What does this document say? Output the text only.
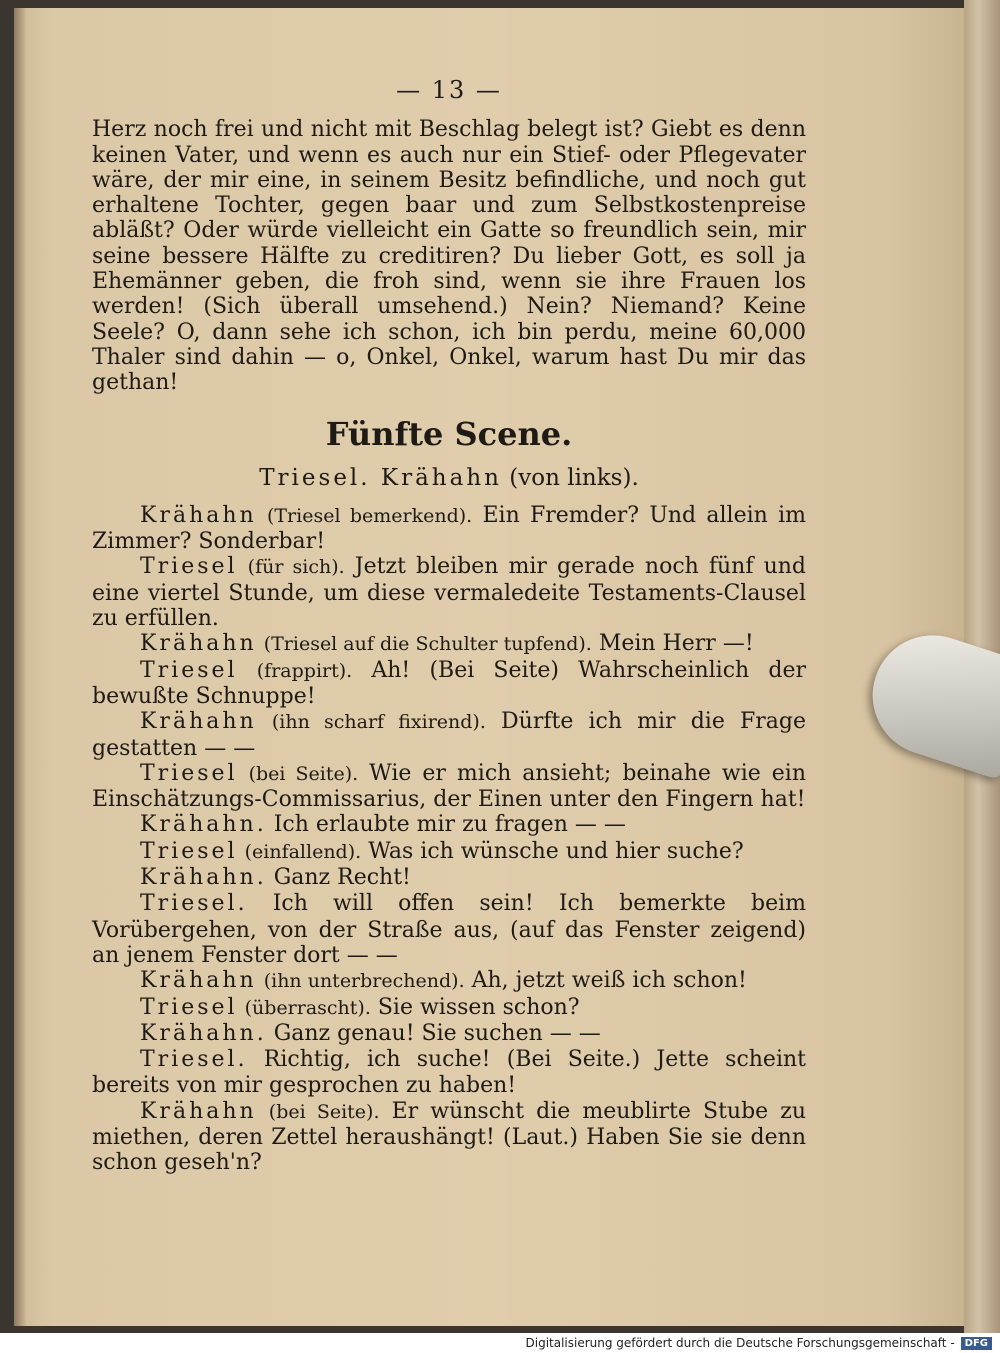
— 13 —

Herz noch frei und nicht mit Beschlag belegt ist? Giebt es denn keinen Vater, und wenn es auch nur ein Stief- oder Pflegevater wäre, der mir eine, in seinem Besitz befindliche, und noch gut erhaltene Tochter, gegen baar und zum Selbstkostenpreise abläßt? Oder würde vielleicht ein Gatte so freundlich sein, mir seine bessere Hälfte zu creditiren? Du lieber Gott, es soll ja Ehemänner geben, die froh sind, wenn sie ihre Frauen los werden! (Sich überall umsehend.) Nein? Niemand? Keine Seele? O, dann sehe ich schon, ich bin perdu, meine 60,000 Thaler sind dahin — o, Onkel, Onkel, warum hast Du mir das gethan!

Fünfte Scene.
Triesel. Krähahn (von links).

Krähahn (Triesel bemerkend). Ein Fremder? Und allein im Zimmer? Sonderbar!

Triesel (für sich). Jetzt bleiben mir gerade noch fünf und eine viertel Stunde, um diese vermaledeite Testaments-Clausel zu erfüllen.

Krähahn (Triesel auf die Schulter tupfend). Mein Herr —!

Triesel (frappirt). Ah! (Bei Seite) Wahrscheinlich der bewußte Schnuppe!

Krähahn (ihn scharf fixirend). Dürfte ich mir die Frage gestatten — —

Triesel (bei Seite). Wie er mich ansieht; beinahe wie ein Einschätzungs-Commissarius, der Einen unter den Fingern hat!

Krähahn. Ich erlaubte mir zu fragen — —

Triesel (einfallend). Was ich wünsche und hier suche?

Krähahn. Ganz Recht!

Triesel. Ich will offen sein! Ich bemerkte beim Vorübergehen, von der Straße aus, (auf das Fenster zeigend) an jenem Fenster dort — —

Krähahn (ihn unterbrechend). Ah, jetzt weiß ich schon!

Triesel (überrascht). Sie wissen schon?

Krähahn. Ganz genau! Sie suchen — —

Triesel. Richtig, ich suche! (Bei Seite.) Jette scheint bereits von mir gesprochen zu haben!

Krähahn (bei Seite). Er wünscht die meublirte Stube zu miethen, deren Zettel heraushängt! (Laut.) Haben Sie sie denn schon geseh'n?

Digitalisierung gefördert durch die Deutsche Forschungsgemeinschaft -	DFG
